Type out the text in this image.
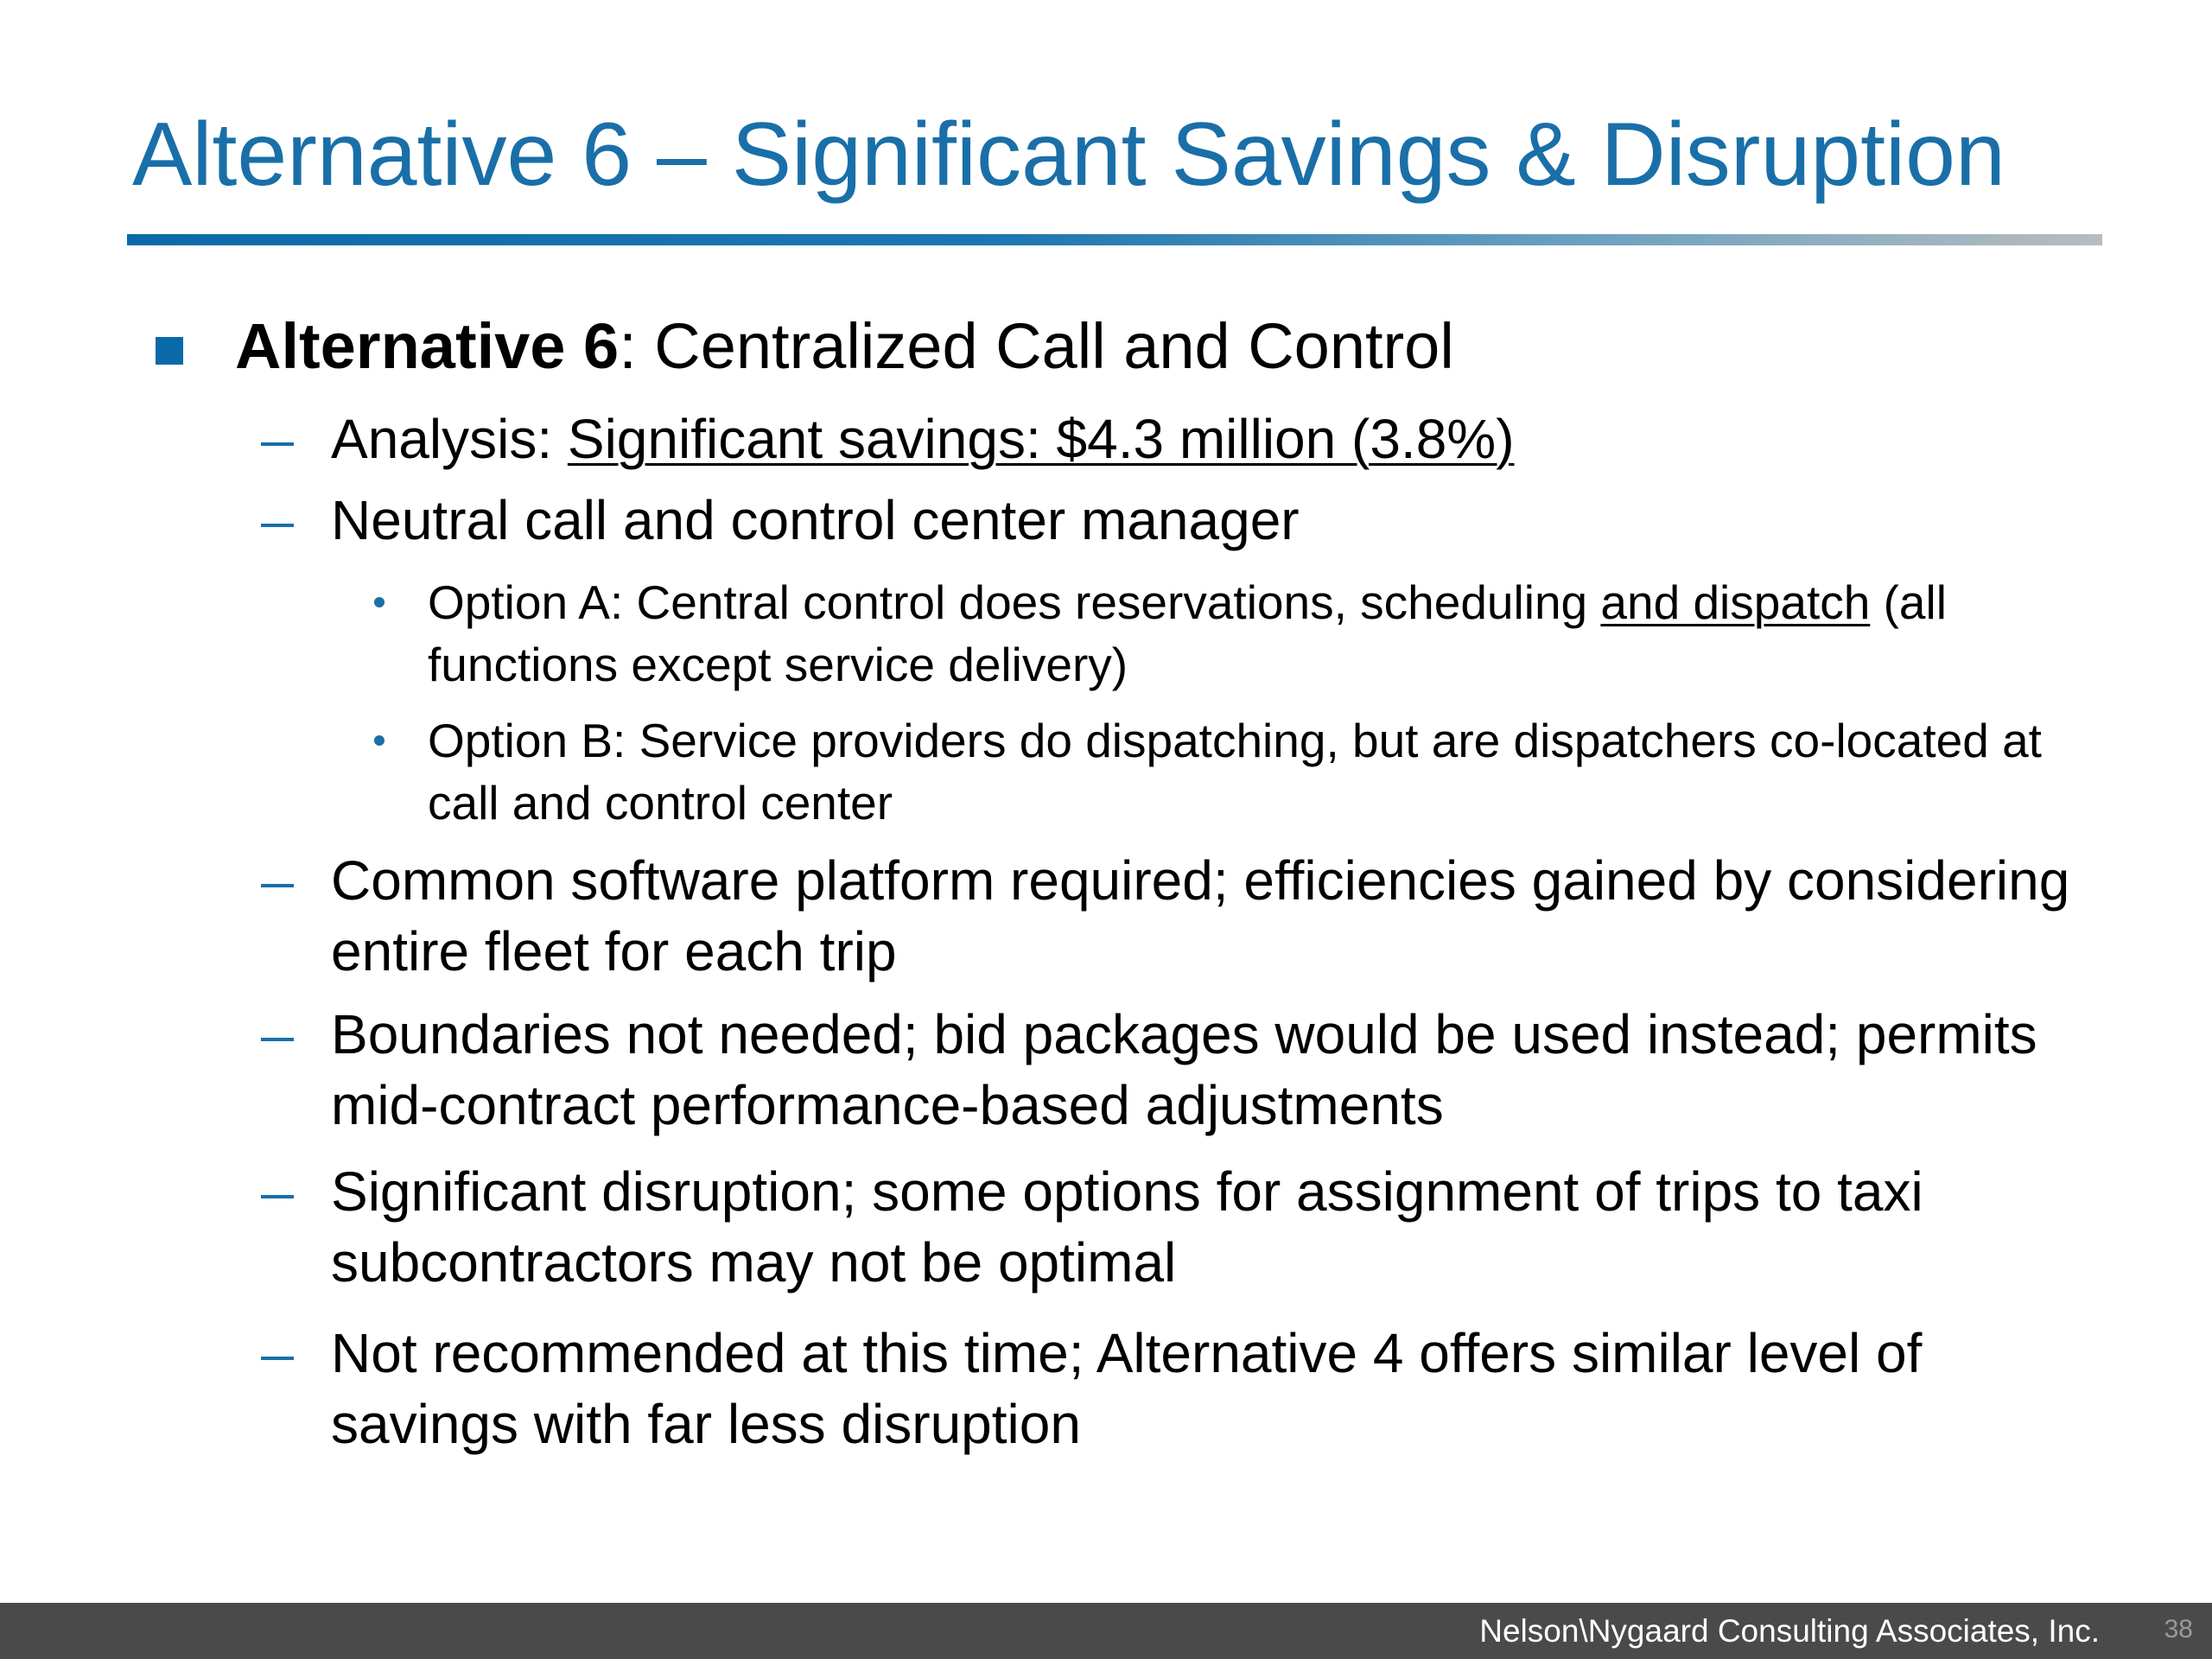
Alternative 6 – Significant Savings & Disruption
Alternative 6: Centralized Call and Control
Analysis: Significant savings: $4.3 million (3.8%)
Neutral call and control center manager
Option A: Central control does reservations, scheduling and dispatch (all functions except service delivery)
Option B: Service providers do dispatching, but are dispatchers co-located at call and control center
Common software platform required; efficiencies gained by considering entire fleet for each trip
Boundaries not needed; bid packages would be used instead; permits mid-contract performance-based adjustments
Significant disruption; some options for assignment of trips to taxi subcontractors may not be optimal
Not recommended at this time; Alternative 4 offers similar level of savings with far less disruption
Nelson\Nygaard Consulting Associates, Inc. 38
